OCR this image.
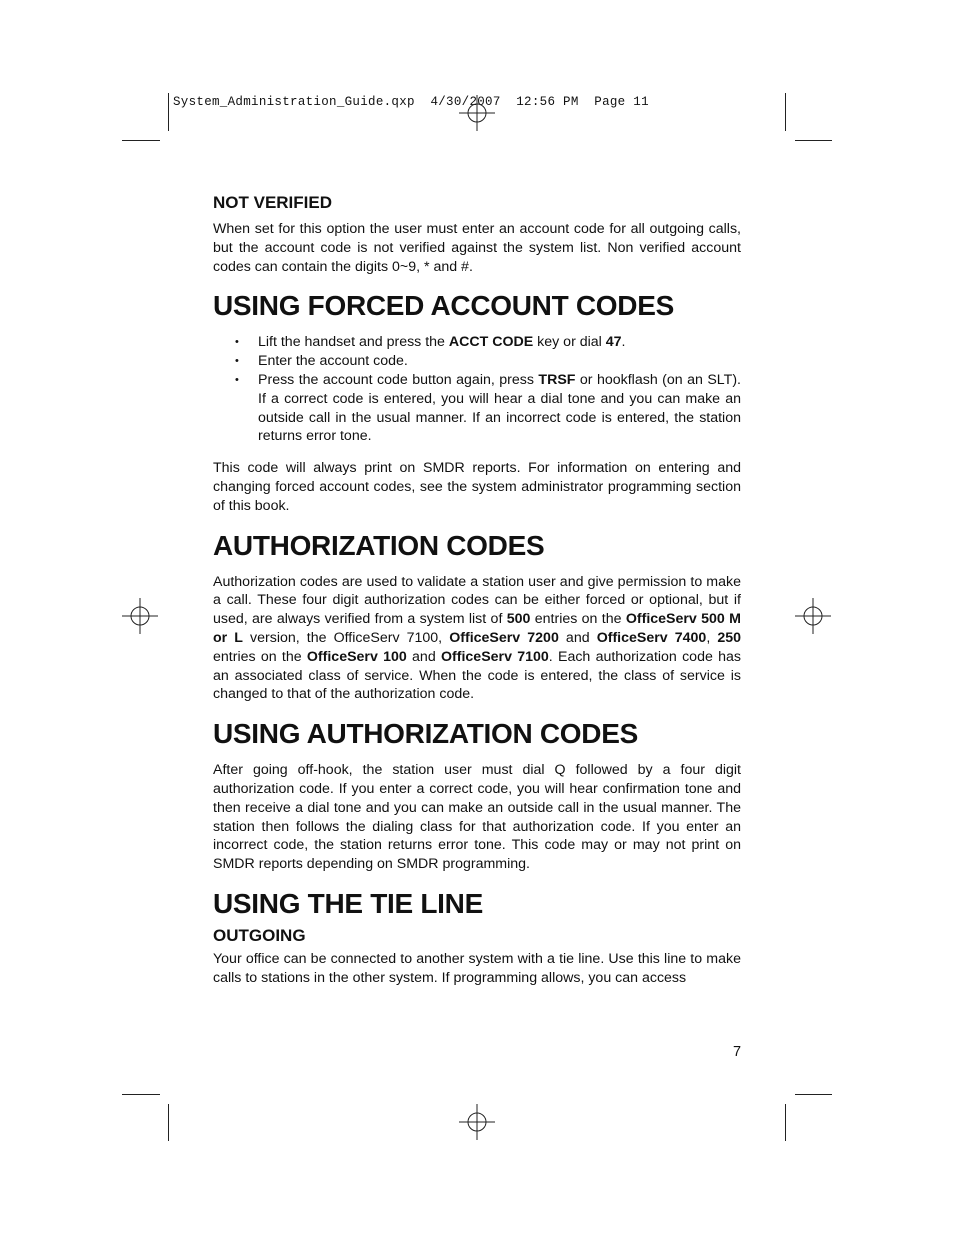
System_Administration_Guide.qxp  4/30/2007  12:56 PM  Page 11
NOT VERIFIED

When set for this option the user must enter an account code for all outgoing calls, but the account code is not verified against the system list. Non verified account codes can contain the digits 0~9, * and #.

USING FORCED ACCOUNT CODES
• Lift the handset and press the ACCT CODE key or dial 47.
• Enter the account code.
• Press the account code button again, press TRSF or hookflash (on an SLT). If a correct code is entered, you will hear a dial tone and you can make an outside call in the usual manner. If an incorrect code is entered, the station returns error tone.

This code will always print on SMDR reports. For information on entering and changing forced account codes, see the system administrator programming section of this book.

AUTHORIZATION CODES

Authorization codes are used to validate a station user and give permission to make a call. These four digit authorization codes can be either forced or optional, but if used, are always verified from a system list of 500 entries on the OfficeServ 500 M or L version, the OfficeServ 7100, OfficeServ 7200 and OfficeServ 7400, 250 entries on the OfficeServ 100 and OfficeServ 7100. Each authorization code has an associated class of service. When the code is entered, the class of service is changed to that of the authorization code.

USING AUTHORIZATION CODES

After going off-hook, the station user must dial Q followed by a four digit authorization code. If you enter a correct code, you will hear confirmation tone and then receive a dial tone and you can make an outside call in the usual manner. The station then follows the dialing class for that authorization code. If you enter an incorrect code, the station returns error tone. This code may or may not print on SMDR reports depending on SMDR programming.

USING THE TIE LINE
OUTGOING

Your office can be connected to another system with a tie line. Use this line to make calls to stations in the other system. If programming allows, you can access

7
